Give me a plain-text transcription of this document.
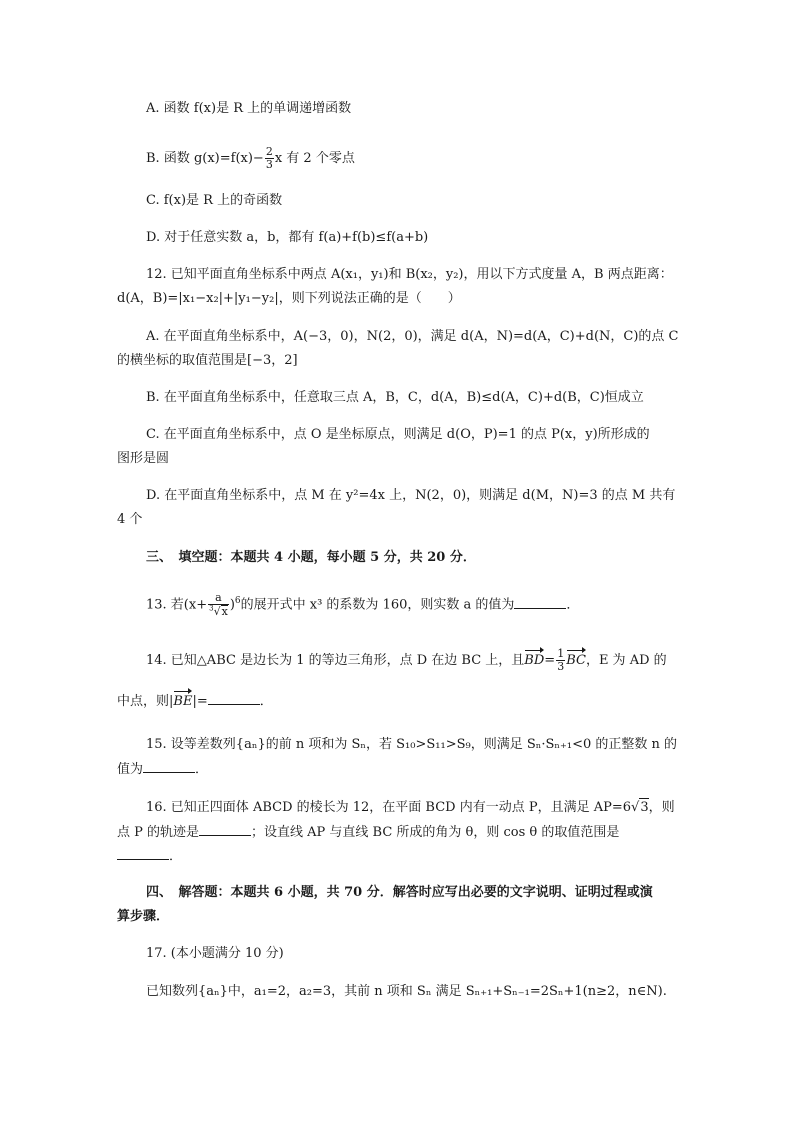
A. 函数 f(x)是 R 上的单调递增函数
B. 函数 $g(x)=f(x)- \frac{2}{3}$ x 有 2 个零点
C. f(x)是 R 上的奇函数
D. 对于任意实数 a，b，都有 f(a)+f(b)≤f(a+b)
12. 已知平面直角坐标系中两点 A(x₁，y₁)和 B(x₂，y₂)，用以下方式度量 A，B 两点距离：
d(A，B)=|x₁−x₂|+|y₁−y₂|，则下列说法正确的是（　　）
A. 在平面直角坐标系中，A(−3，0)，N(2，0)，满足 d(A，N)=d(A，C)+d(N，C)的点 C
的横坐标的取值范围是[−3，2]
B. 在平面直角坐标系中，任意取三点 A，B，C，d(A，B)≤d(A，C)+d(B，C)恒成立
C. 在平面直角坐标系中，点 O 是坐标原点，则满足 d(O，P)=1 的点 P(x，y)所形成的
图形是圆
D. 在平面直角坐标系中，点 M 在 y²=4x 上，N(2，0)，则满足 d(M，N)=3 的点 M 共有
4 个
三、　填空题：本题共 4 小题，每小题 5 分，共 20 分．
13. 若$(x+ \frac{a}{^3√x} )^6$的展开式中 x³ 的系数为 160，则实数 a 的值为	．
14. 已知△ABC 是边长为 1 的等边三角形，点 D 在边 BC 上，且$BD= \frac{1}{3}$ BC，E 为 AD 的
中点，则|BE|=	．
15. 设等差数列{aₙ}的前 n 项和为 Sₙ，若 S₁₀>S₁₁>S₉，则满足 Sₙ·Sₙ₊₁<0 的正整数 n 的
值为	．
16. 已知正四面体 ABCD 的棱长为 12，在平面 BCD 内有一动点 P，且满足 AP=6√3，则
点 P 的轨迹是	；设直线 AP 与直线 BC 所成的角为 θ，则 cos θ 的取值范围是
．
四、　解答题：本题共 6 小题，共 70 分．解答时应写出必要的文字说明、证明过程或演
算步骤．
17. (本小题满分 10 分)
已知数列{aₙ}中，a₁=2，a₂=3，其前 n 项和 Sₙ 满足 Sₙ₊₁+Sₙ₋₁=2Sₙ+1(n≥2，n∈N).
